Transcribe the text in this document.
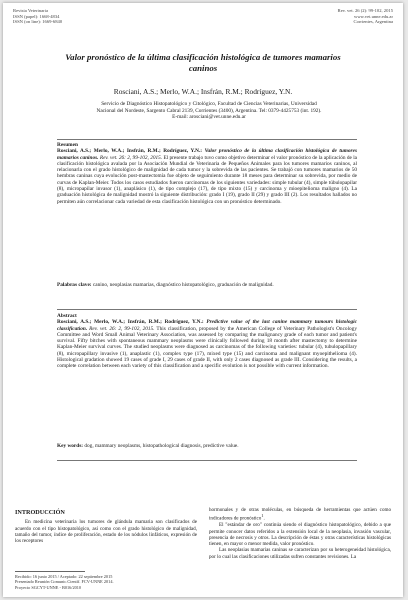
Revista Veterinaria
ISSN (papel): 1668-4834
ISSN (on line): 1669-6840
Rev. vet. 26 (2): 99-102, 2015
www.vet.unne.edu.ar
Corrientes, Argentina
Valor pronóstico de la última clasificación histológica de tumores mamarios caninos
Rosciani, A.S.; Merlo, W.A.; Insfrán, R.M.; Rodríguez, Y.N.
Servicio de Diagnóstico Histopatológico y Citológico, Facultad de Ciencias Veterinarias, Universidad
Nacional del Nordeste, Sargento Cabral 2139, Corrientes (3400), Argentina. Tel: 0379-4425753 (int. 192).
E-mail: arosciani@vet.unne.edu.ar
Resumen

Rosciani, A.S.; Merlo, W.A.; Insfrán, R.M.; Rodríguez, Y.N.: Valor pronóstico de la última clasificación histológica de tumores mamarios caninos. Rev. vet. 26: 2, 99-102, 2015. El presente trabajo tuvo como objetivo determinar el valor pronóstico de la aplicación de la clasificación histológica avalada por la Asociación Mundial de Veterinaria de Pequeños Animales para los tumores mamarios caninos, al relacionarla con el grado histológico de malignidad de cada tumor y la sobrevida de las pacientes. Se trabajó con tumores mamarios de 50 hembras caninas cuya evolución post-mastectomía fue objeto de seguimiento durante 18 meses para determinar su sobrevida, por medio de curvas de Kaplan-Meier. Todos los casos estudiados fueron carcinomas de los siguientes variedades: simple tubular (4), simple túbulopapilar (8), micropapilar invasor (1), anaplásico (1), de tipo complejo (17), de tipo mixto (15) y carcinoma y mioepitelioma maligno (4). La graduación histológica de malignidad mostró la siguiente distribución: grado I (19), grado II (29) y grado III (2). Los resultados hallados no permiten aún correlacionar cada variedad de esta clasificación histológica con un pronóstico determinado.

Palabras clave: canino, neoplasias mamarias, diagnóstico histopatológico, graduación de malignidad.

Abstract

Rosciani, A.S.; Merlo, W.A.; Insfrán, R.M.; Rodríguez, Y.N.: Predictive value of the last canine mammary tumours histologic classification. Rev. vet. 26: 2, 99-102, 2015. This classification, proposed by the American College of Veterinary Pathologist's Oncology Committee and Word Small Animal Veterinary Association, was assessed by comparing the malignancy grade of each tumor and patient's survival. Fifty bitches with spontaneous mammary neoplasms were clinically followed during 18 month after mastectomy to determine Kaplan-Meier survival curves. The studied neoplasms were diagnosed as carcinomas of the following varieties: tubular (4), tubulopapillary (8), micropapillary invasive (1), anaplastic (1), complex type (17), mixed type (15) and carcinoma and malignant myoepithelioma (4). Histological gradation showed 19 cases of grade I, 29 cases of grade II, with only 2 cases diagnosed as grade III. Considering the results, a complete correlation between each variety of this classification and a specific evolution is not possible with current information.

Key words: dog, mammary neoplasms, histopathological diagnosis, predictive value.

INTRODUCCIÓN

En medicina veterinaria los tumores de glándula mamaria son clasificados de acuerdo con el tipo histopatológico, así como con el grado histológico de malignidad, tamaño del tumor, índice de proliferación, estado de los nódulos linfáticos, expresión de los receptores

hormonales y de otras moléculas, en búsqueda de herramientas que actúen como indicadores de pronóstico$^1$.

El "estándar de oro" continúa siendo el diagnóstico histopatológico, debido a que permite conocer datos referidos a la extensión local de la neoplasia, invasión vascular, presencia de necrosis y otros. La descripción de éstas y otras características histológicas tienen, en mayor o menor medida, valor pronóstico.

Las neoplasias mamarias caninas se caracterizan por su heterogeneidad histológica, por lo cual las clasificaciones utilizadas sufren constantes revisiones. La

Recibido: 16 junio 2015 / Aceptado: 22 septiembre 2015
Presentado Reunión Comunic.Científ. FCV-UNNE 2014.
Proyecto SGCYT-UNNE - B016/2010
